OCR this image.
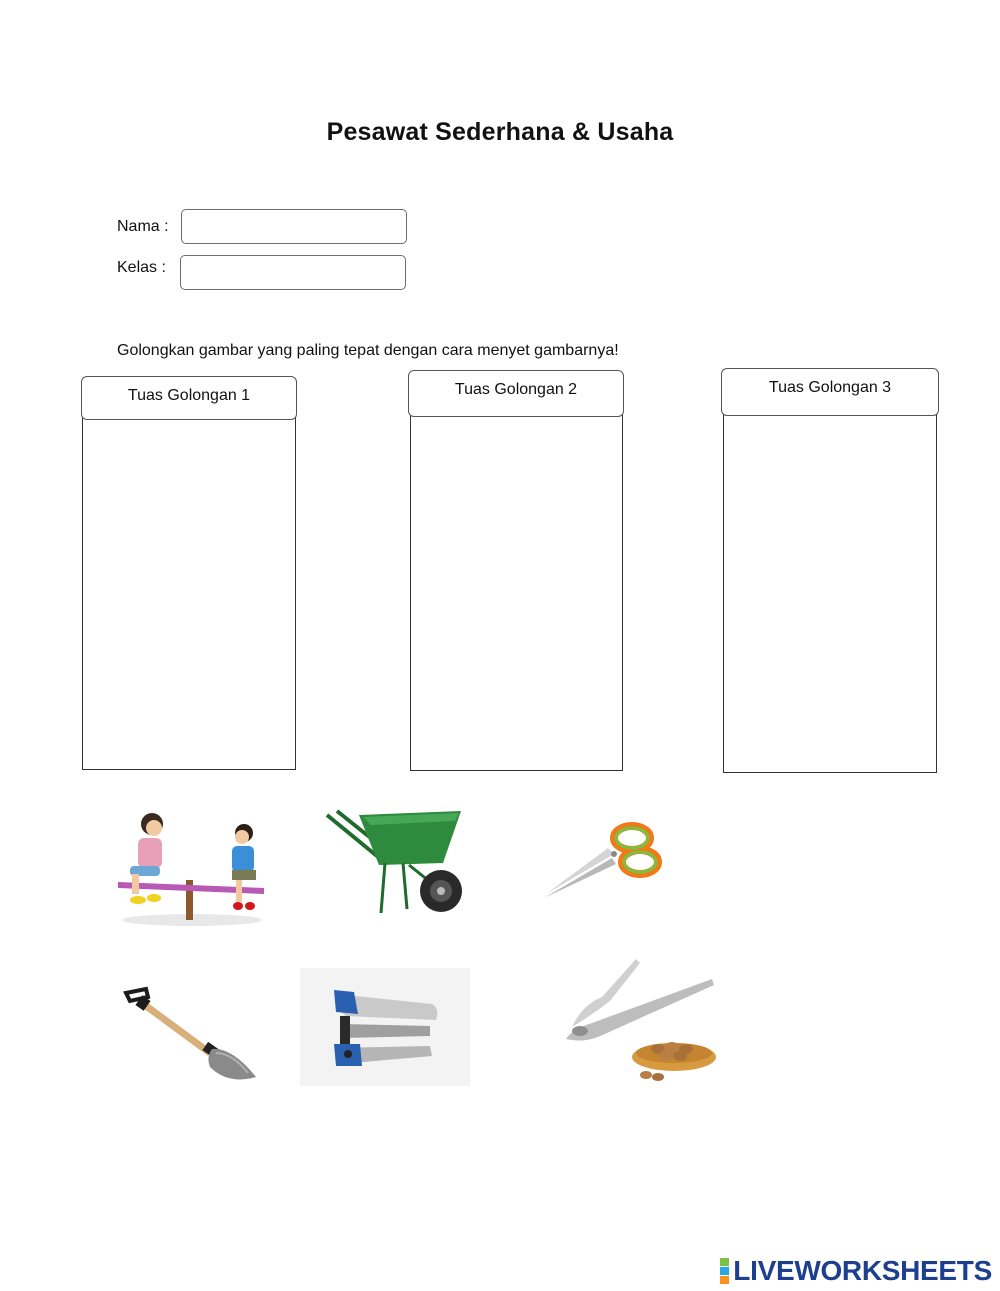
Pesawat Sederhana & Usaha
Nama :
Kelas :
Golongkan gambar yang paling tepat dengan cara menyet gambarnya!
Tuas Golongan 1	Tuas Golongan 2	Tuas Golongan 3
LIVEWORKSHEETS
